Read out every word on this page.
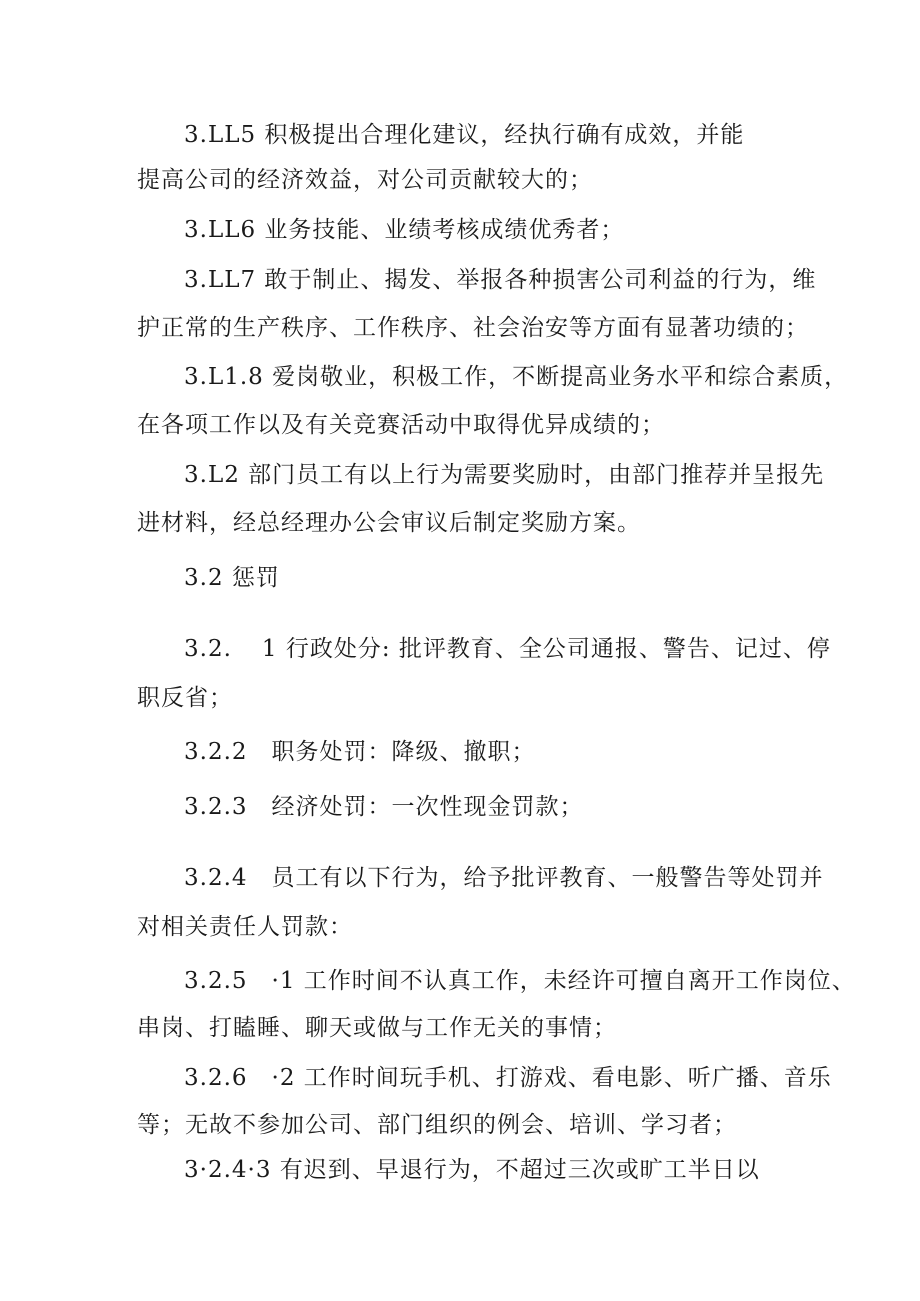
3.LL5 积极提出合理化建议，经执行确有成效，并能
提高公司的经济效益，对公司贡献较大的；
3.LL6 业务技能、业绩考核成绩优秀者；
3.LL7 敢于制止、揭发、举报各种损害公司利益的行为，维
护正常的生产秩序、工作秩序、社会治安等方面有显著功绩的；
3.L1.8 爱岗敬业，积极工作，不断提高业务水平和综合素质，
在各项工作以及有关竞赛活动中取得优异成绩的；
3.L2 部门员工有以上行为需要奖励时，由部门推荐并呈报先
进材料，经总经理办公会审议后制定奖励方案。
3.2 惩罚
3.2. 1 行政处分: 批评教育、全公司通报、警告、记过、停
职反省；
3.2.2 职务处罚：降级、撤职；
3.2.3 经济处罚：一次性现金罚款；
3.2.4 员工有以下行为，给予批评教育、一般警告等处罚并
对相关责任人罚款：
3.2.5 ·1 工作时间不认真工作，未经许可擅自离开工作岗位、
串岗、打瞌睡、聊天或做与工作无关的事情；
3.2.6 ·2 工作时间玩手机、打游戏、看电影、听广播、音乐
等；无故不参加公司、部门组织的例会、培训、学习者；
3·2.4·3 有迟到、早退行为，不超过三次或旷工半日以
